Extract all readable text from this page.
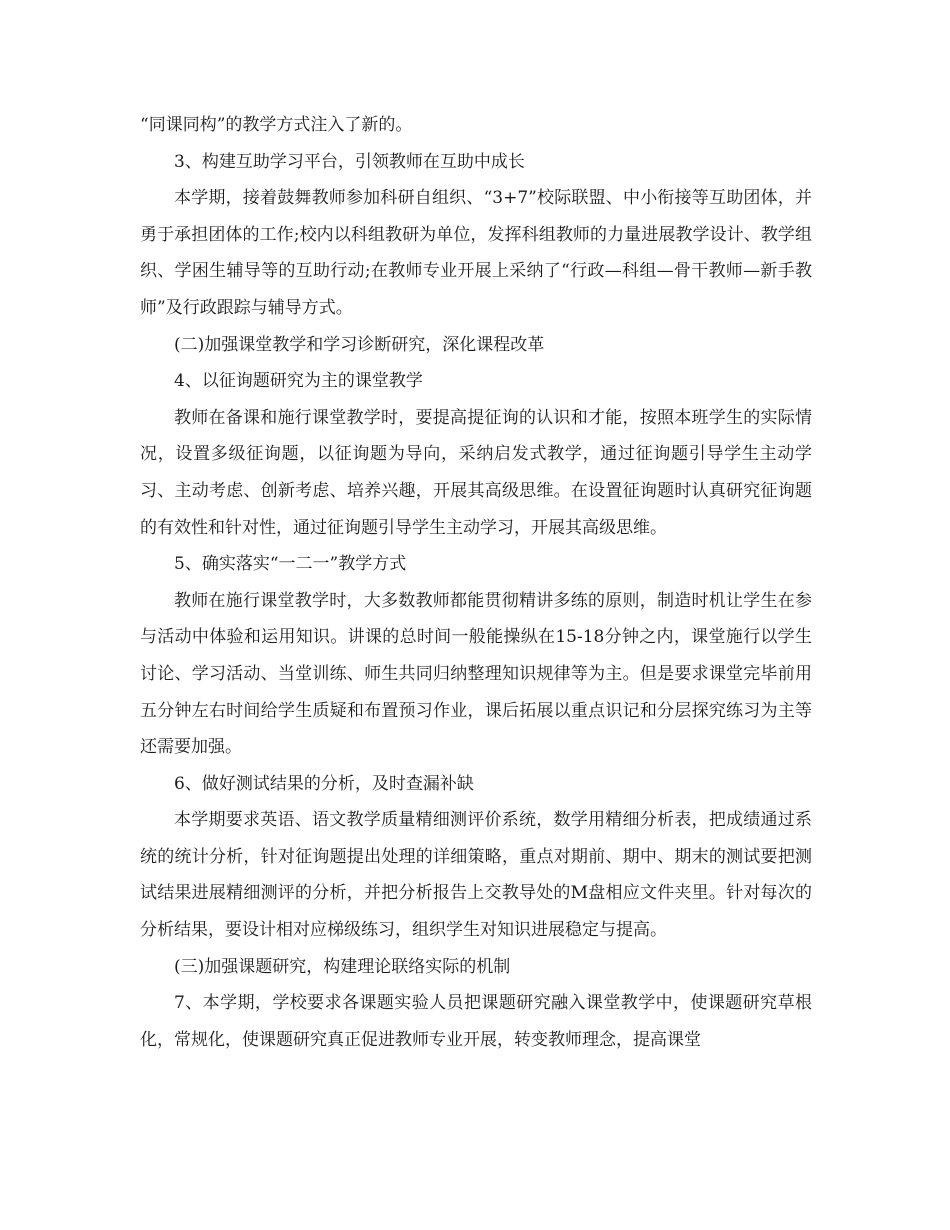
“同课同构”的教学方式注入了新的。

3、构建互助学习平台，引领教师在互助中成长

本学期，接着鼓舞教师参加科研自组织、“3+7”校际联盟、中小衔接等互助团体，并勇于承担团体的工作;校内以科组教研为单位，发挥科组教师的力量进展教学设计、教学组织、学困生辅导等的互助行动;在教师专业开展上采纳了“行政—科组—骨干教师—新手教师”及行政跟踪与辅导方式。

(二)加强课堂教学和学习诊断研究，深化课程改革

4、以征询题研究为主的课堂教学

教师在备课和施行课堂教学时，要提高提征询的认识和才能，按照本班学生的实际情况，设置多级征询题，以征询题为导向，采纳启发式教学，通过征询题引导学生主动学习、主动考虑、创新考虑、培养兴趣，开展其高级思维。在设置征询题时认真研究征询题的有效性和针对性，通过征询题引导学生主动学习，开展其高级思维。

5、确实落实“一二一”教学方式

教师在施行课堂教学时，大多数教师都能贯彻精讲多练的原则，制造时机让学生在参与活动中体验和运用知识。讲课的总时间一般能操纵在15-18分钟之内，课堂施行以学生讨论、学习活动、当堂训练、师生共同归纳整理知识规律等为主。但是要求课堂完毕前用五分钟左右时间给学生质疑和布置预习作业，课后拓展以重点识记和分层探究练习为主等还需要加强。

6、做好测试结果的分析，及时查漏补缺

本学期要求英语、语文教学质量精细测评价系统，数学用精细分析表，把成绩通过系统的统计分析，针对征询题提出处理的详细策略，重点对期前、期中、期末的测试要把测试结果进展精细测评的分析，并把分析报告上交教导处的M盘相应文件夹里。针对每次的分析结果，要设计相对应梯级练习，组织学生对知识进展稳定与提高。

(三)加强课题研究，构建理论联络实际的机制

7、本学期，学校要求各课题实验人员把课题研究融入课堂教学中，使课题研究草根化，常规化，使课题研究真正促进教师专业开展，转变教师理念，提高课堂
